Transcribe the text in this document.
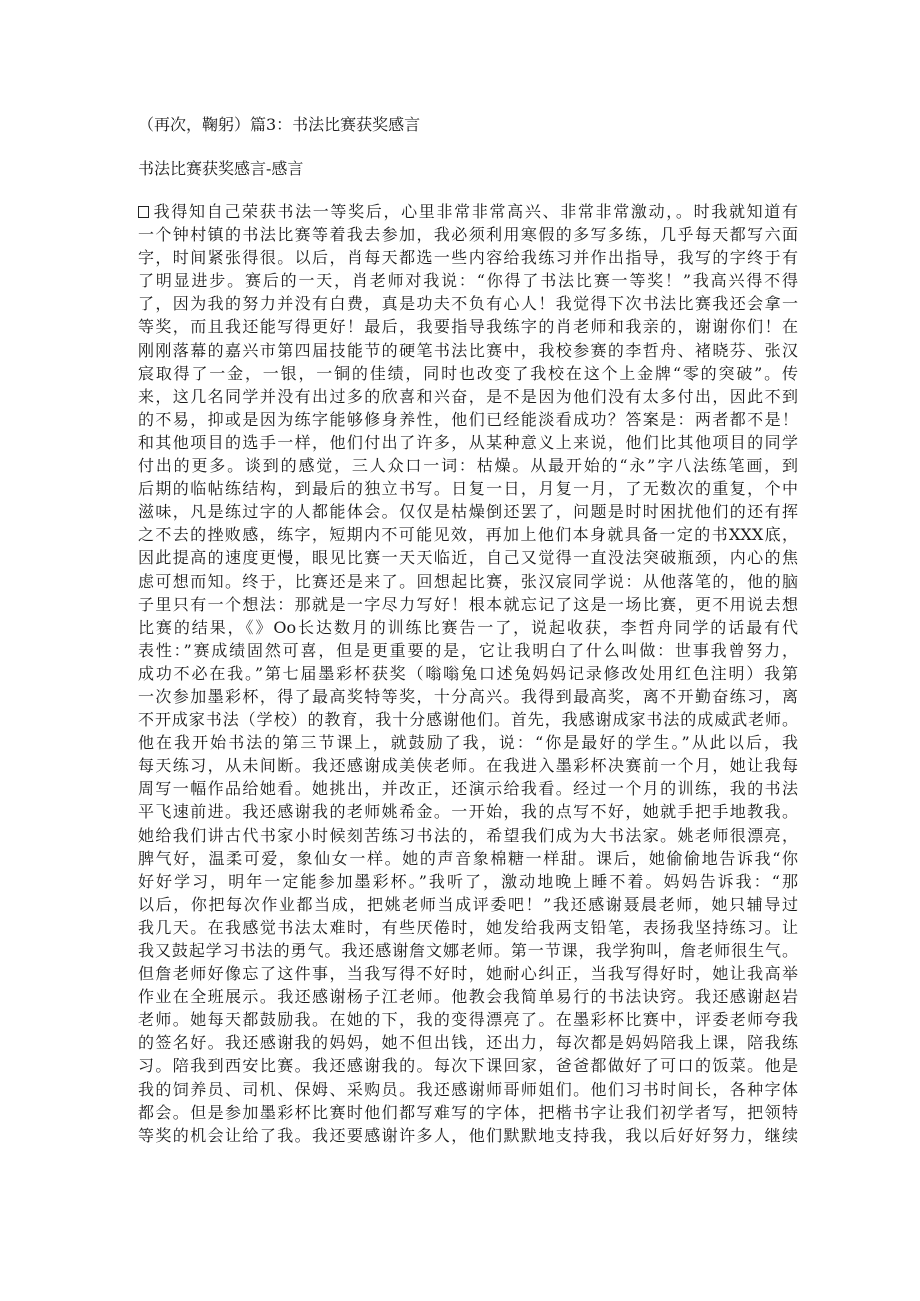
（再次，鞠躬）篇3：书法比赛获奖感言
书法比赛获奖感言-感言
我得知自己荣获书法一等奖后，心里非常非常高兴、非常非常激动，。时我就知道有
一个钟村镇的书法比赛等着我去参加，我必须利用寒假的多写多练，几乎每天都写六面
字，时间紧张得很。以后，肖每天都选一些内容给我练习并作出指导，我写的字终于有
了明显进步。赛后的一天，肖老师对我说：“你得了书法比赛一等奖！”我高兴得不得
了，因为我的努力并没有白费，真是功夫不负有心人！我觉得下次书法比赛我还会拿一
等奖，而且我还能写得更好！最后，我要指导我练字的肖老师和我亲的，谢谢你们！在
刚刚落幕的嘉兴市第四届技能节的硬笔书法比赛中，我校参赛的李哲舟、褚晓芬、张汉
宸取得了一金，一银，一铜的佳绩，同时也改变了我校在这个上金牌“零的突破”。传
来，这几名同学并没有出过多的欣喜和兴奋，是不是因为他们没有太多付出，因此不到
的不易，抑或是因为练字能够修身养性，他们已经能淡看成功？答案是：两者都不是！
和其他项目的选手一样，他们付出了许多，从某种意义上来说，他们比其他项目的同学
付出的更多。谈到的感觉，三人众口一词：枯燥。从最开始的“永”字八法练笔画，到
后期的临帖练结构，到最后的独立书写。日复一日，月复一月，了无数次的重复，个中
滋味，凡是练过字的人都能体会。仅仅是枯燥倒还罢了，问题是时时困扰他们的还有挥
之不去的挫败感，练字，短期内不可能见效，再加上他们本身就具备一定的书XXX底，
因此提高的速度更慢，眼见比赛一天天临近，自己又觉得一直没法突破瓶颈，内心的焦
虑可想而知。终于，比赛还是来了。回想起比赛，张汉宸同学说：从他落笔的，他的脑
子里只有一个想法：那就是一字尽力写好！根本就忘记了这是一场比赛，更不用说去想
比赛的结果，《》Oo长达数月的训练比赛告一了，说起收获，李哲舟同学的话最有代
表性：”赛成绩固然可喜，但是更重要的是，它让我明白了什么叫做：世事我曾努力，
成功不必在我。”第七届墨彩杯获奖（嗡嗡兔口述兔妈妈记录修改处用红色注明）我第
一次参加墨彩杯，得了最高奖特等奖，十分高兴。我得到最高奖，离不开勤奋练习，离
不开成家书法（学校）的教育，我十分感谢他们。首先，我感谢成家书法的成威武老师。
他在我开始书法的第三节课上，就鼓励了我，说：“你是最好的学生。”从此以后，我
每天练习，从未间断。我还感谢成美侠老师。在我进入墨彩杯决赛前一个月，她让我每
周写一幅作品给她看。她挑出，并改正，还演示给我看。经过一个月的训练，我的书法
平飞速前进。我还感谢我的老师姚希金。一开始，我的点写不好，她就手把手地教我。
她给我们讲古代书家小时候刻苦练习书法的，希望我们成为大书法家。姚老师很漂亮，
脾气好，温柔可爱，象仙女一样。她的声音象棉糖一样甜。课后，她偷偷地告诉我“你
好好学习，明年一定能参加墨彩杯。”我听了，激动地晚上睡不着。妈妈告诉我：“那
以后，你把每次作业都当成，把姚老师当成评委吧！”我还感谢聂晨老师，她只辅导过
我几天。在我感觉书法太难时，有些厌倦时，她发给我两支铅笔，表扬我坚持练习。让
我又鼓起学习书法的勇气。我还感谢詹文娜老师。第一节课，我学狗叫，詹老师很生气。
但詹老师好像忘了这件事，当我写得不好时，她耐心纠正，当我写得好时，她让我高举
作业在全班展示。我还感谢杨子江老师。他教会我简单易行的书法诀窍。我还感谢赵岩
老师。她每天都鼓励我。在她的下，我的变得漂亮了。在墨彩杯比赛中，评委老师夸我
的签名好。我还感谢我的妈妈，她不但出钱，还出力，每次都是妈妈陪我上课，陪我练
习。陪我到西安比赛。我还感谢我的。每次下课回家，爸爸都做好了可口的饭菜。他是
我的饲养员、司机、保姆、采购员。我还感谢师哥师姐们。他们习书时间长，各种字体
都会。但是参加墨彩杯比赛时他们都写难写的字体，把楷书字让我们初学者写，把领特
等奖的机会让给了我。我还要感谢许多人，他们默默地支持我，我以后好好努力，继续
